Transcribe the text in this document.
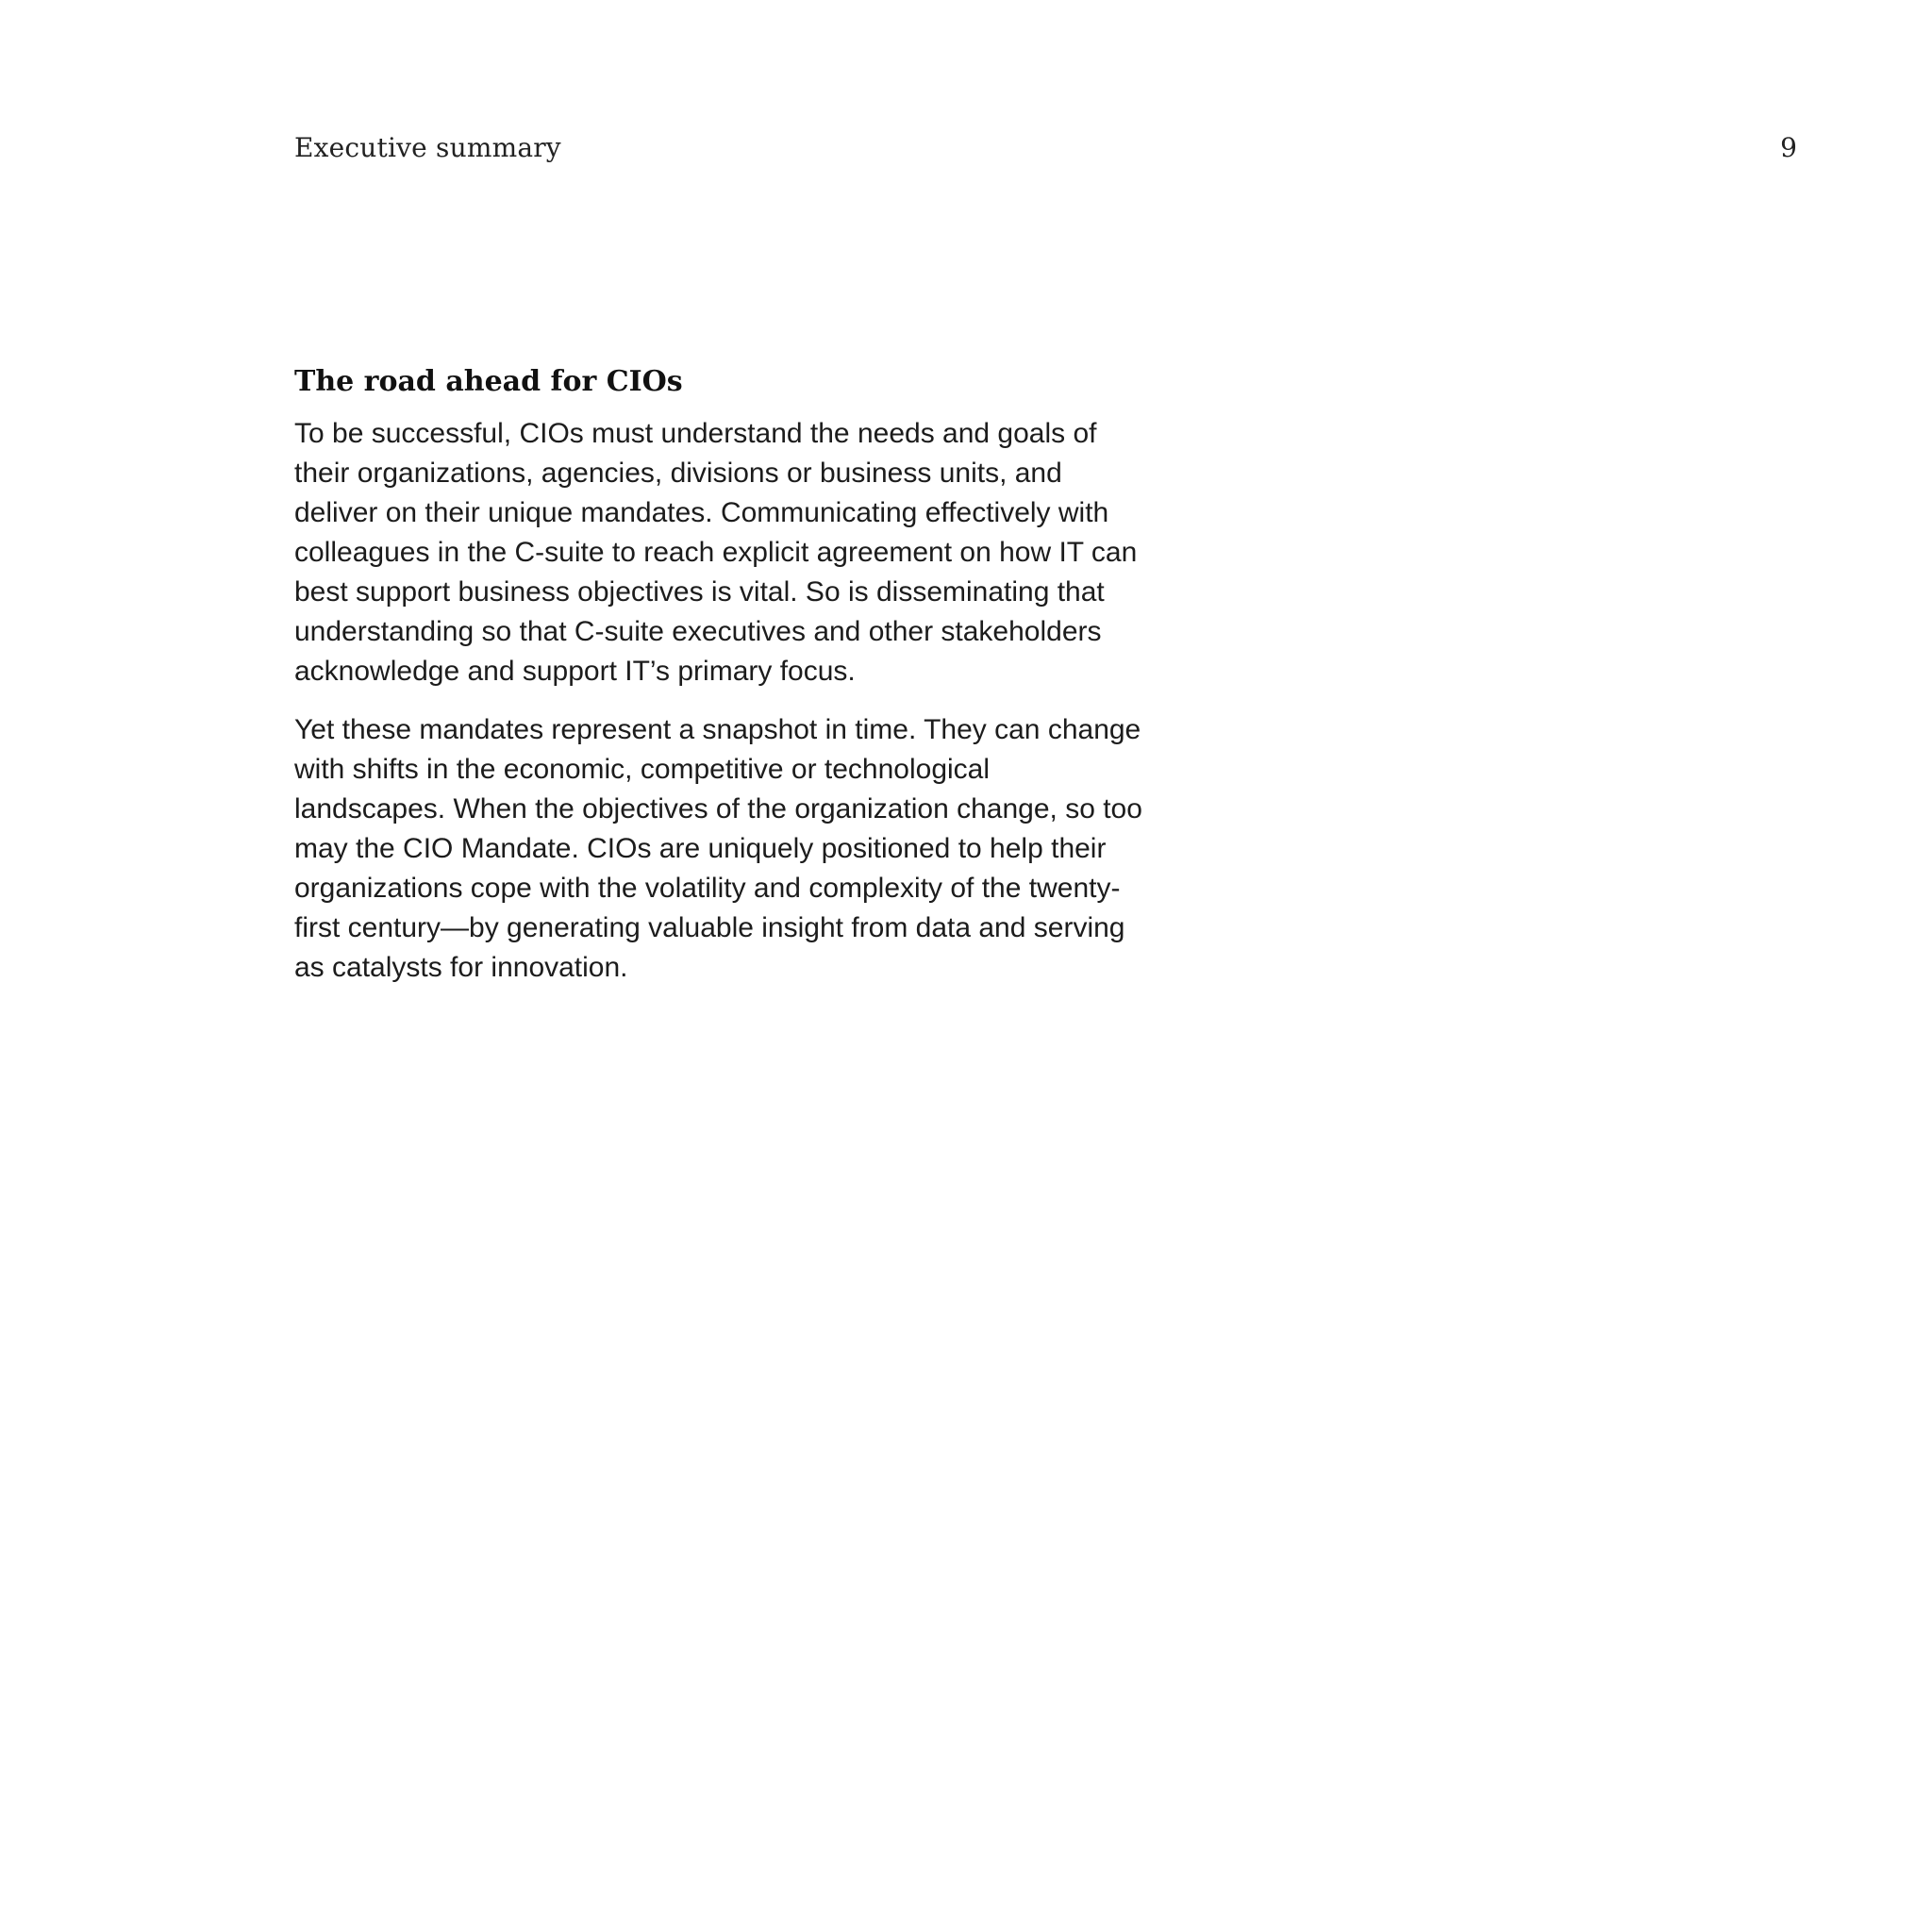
Executive summary	9
The road ahead for CIOs

To be successful, CIOs must understand the needs and goals of their organizations, agencies, divisions or business units, and deliver on their unique mandates. Communicating effectively with colleagues in the C-suite to reach explicit agreement on how IT can best support business objectives is vital. So is disseminating that understanding so that C-suite executives and other stakeholders acknowledge and support IT’s primary focus.

Yet these mandates represent a snapshot in time. They can change with shifts in the economic, competitive or technological landscapes. When the objectives of the organization change, so too may the CIO Mandate. CIOs are uniquely positioned to help their organizations cope with the volatility and complexity of the twenty-first century—by generating valuable insight from data and serving as catalysts for innovation.
